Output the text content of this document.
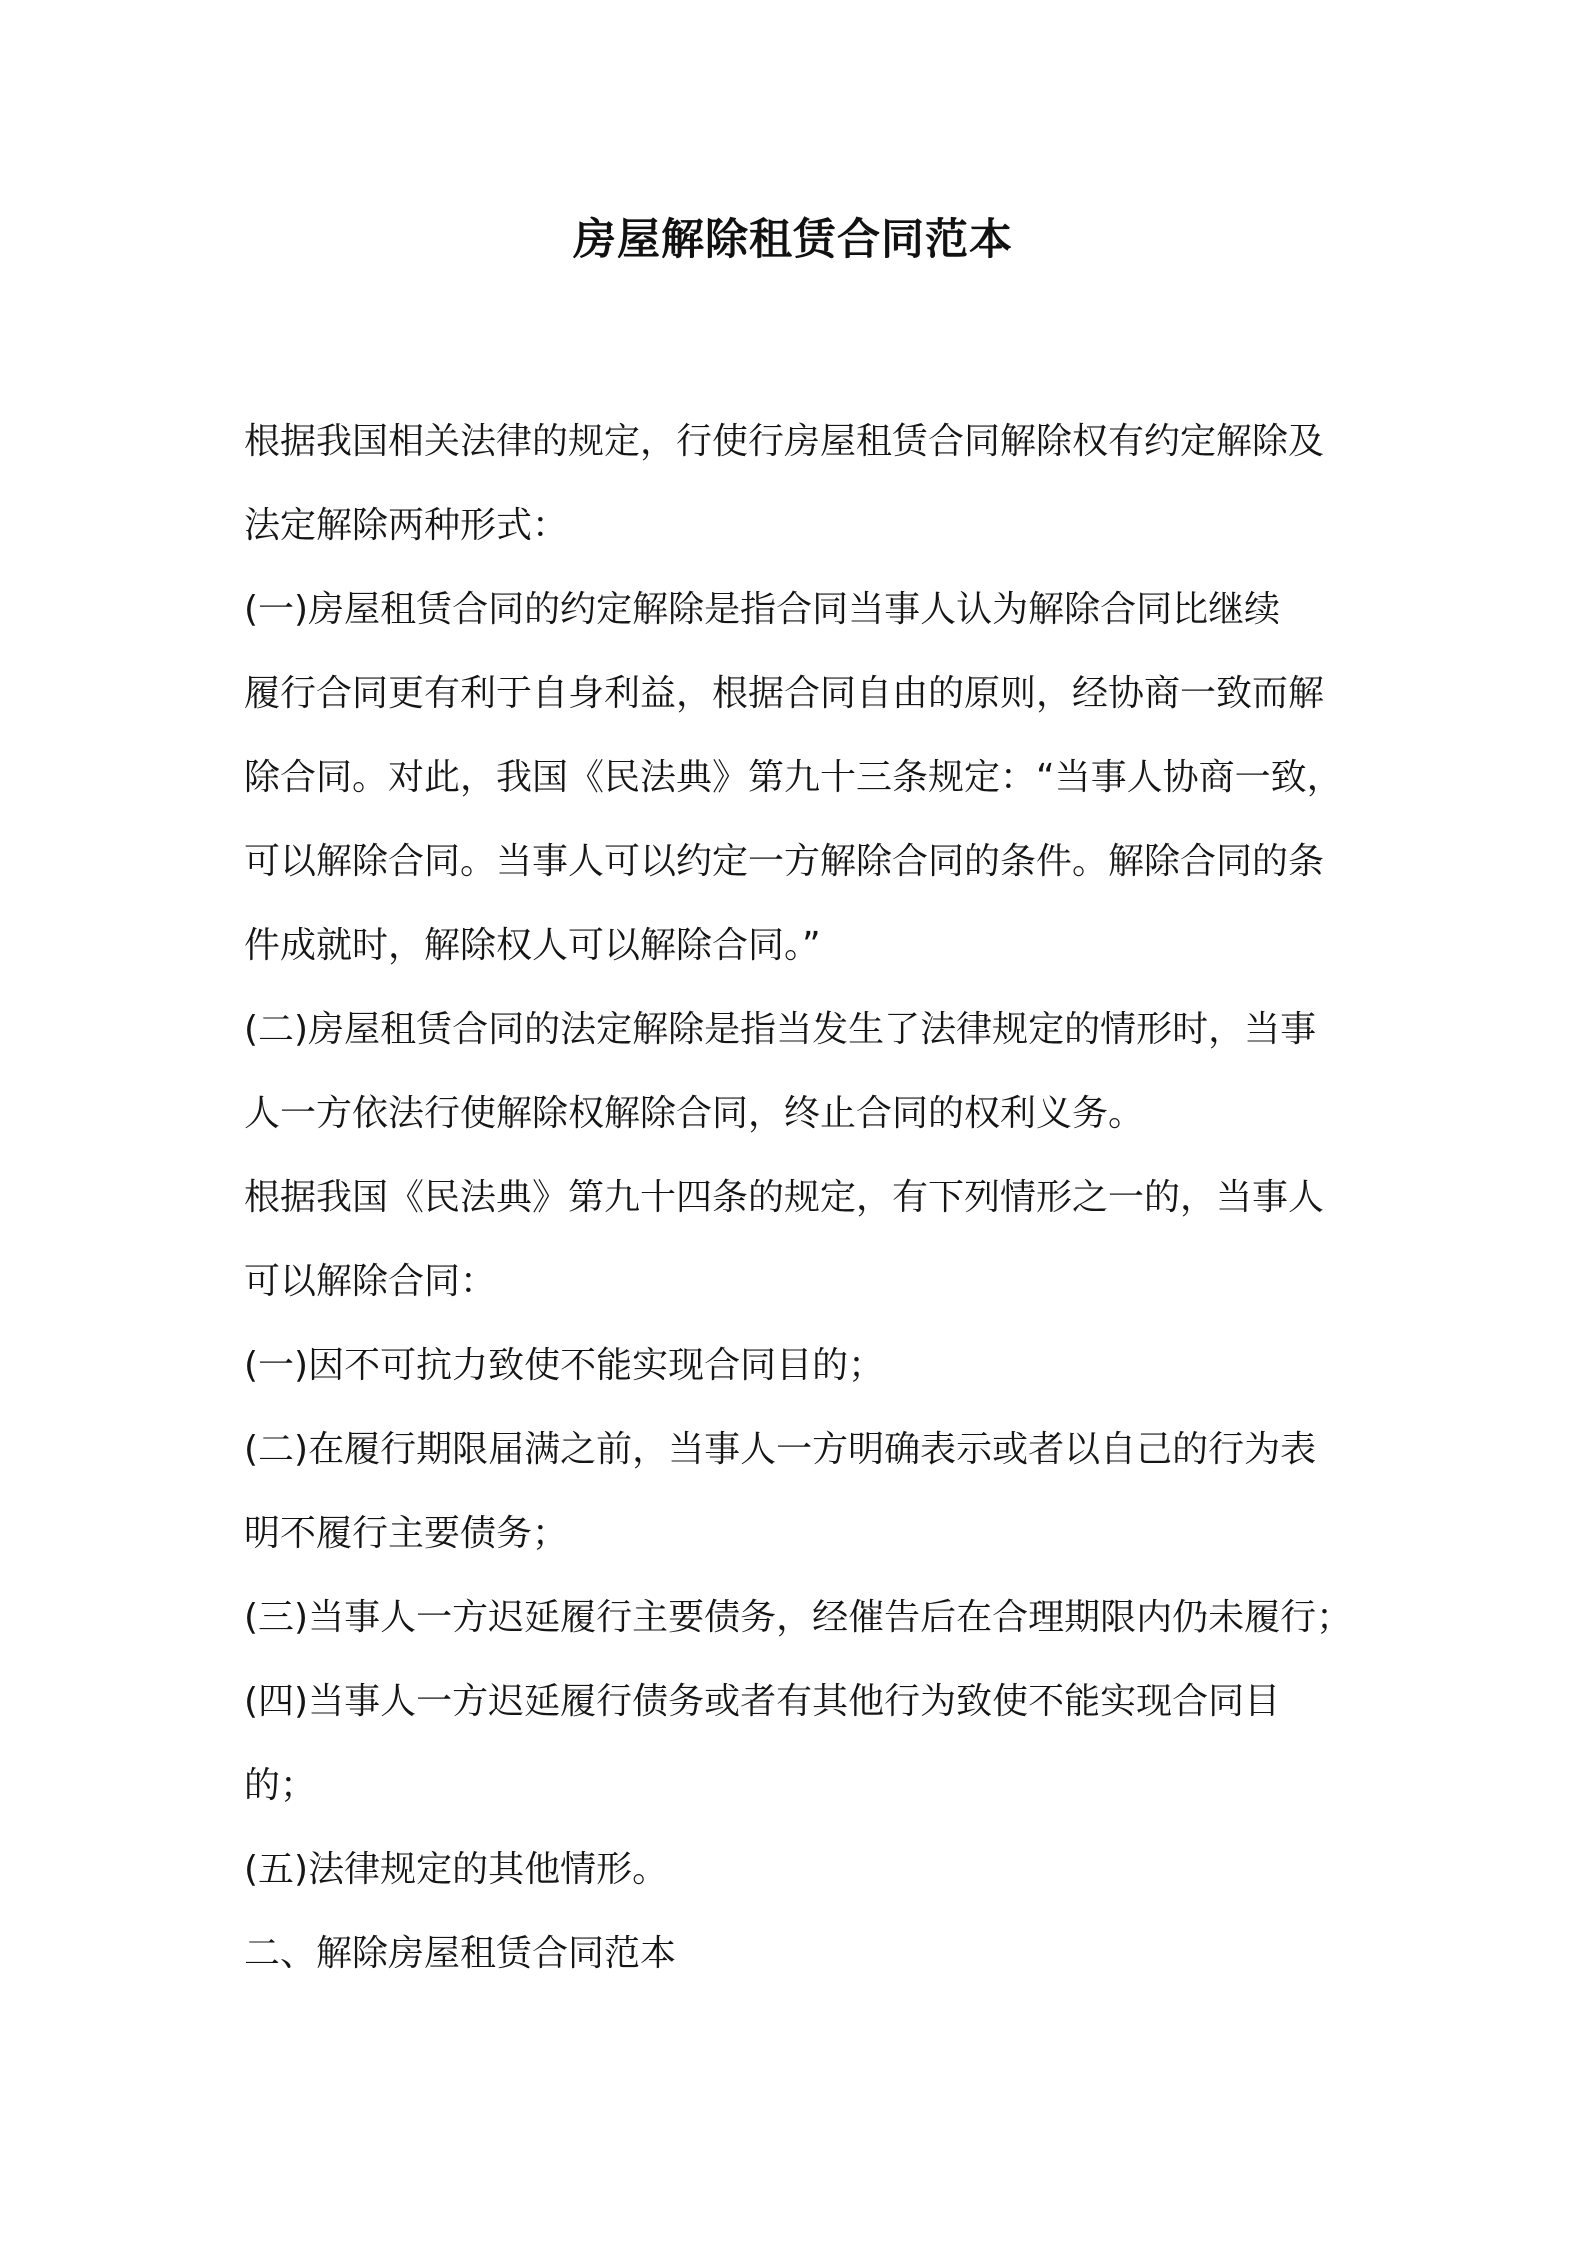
房屋解除租赁合同范本
根据我国相关法律的规定，行使行房屋租赁合同解除权有约定解除及
法定解除两种形式：
(一)房屋租赁合同的约定解除是指合同当事人认为解除合同比继续
履行合同更有利于自身利益，根据合同自由的原则，经协商一致而解
除合同。对此，我国《民法典》第九十三条规定：“当事人协商一致，
可以解除合同。当事人可以约定一方解除合同的条件。解除合同的条
件成就时，解除权人可以解除合同。”
(二)房屋租赁合同的法定解除是指当发生了法律规定的情形时，当事
人一方依法行使解除权解除合同，终止合同的权利义务。
根据我国《民法典》第九十四条的规定，有下列情形之一的，当事人
可以解除合同：
(一)因不可抗力致使不能实现合同目的；
(二)在履行期限届满之前，当事人一方明确表示或者以自己的行为表
明不履行主要债务；
(三)当事人一方迟延履行主要债务，经催告后在合理期限内仍未履行；
(四)当事人一方迟延履行债务或者有其他行为致使不能实现合同目
的；
(五)法律规定的其他情形。
二、解除房屋租赁合同范本
